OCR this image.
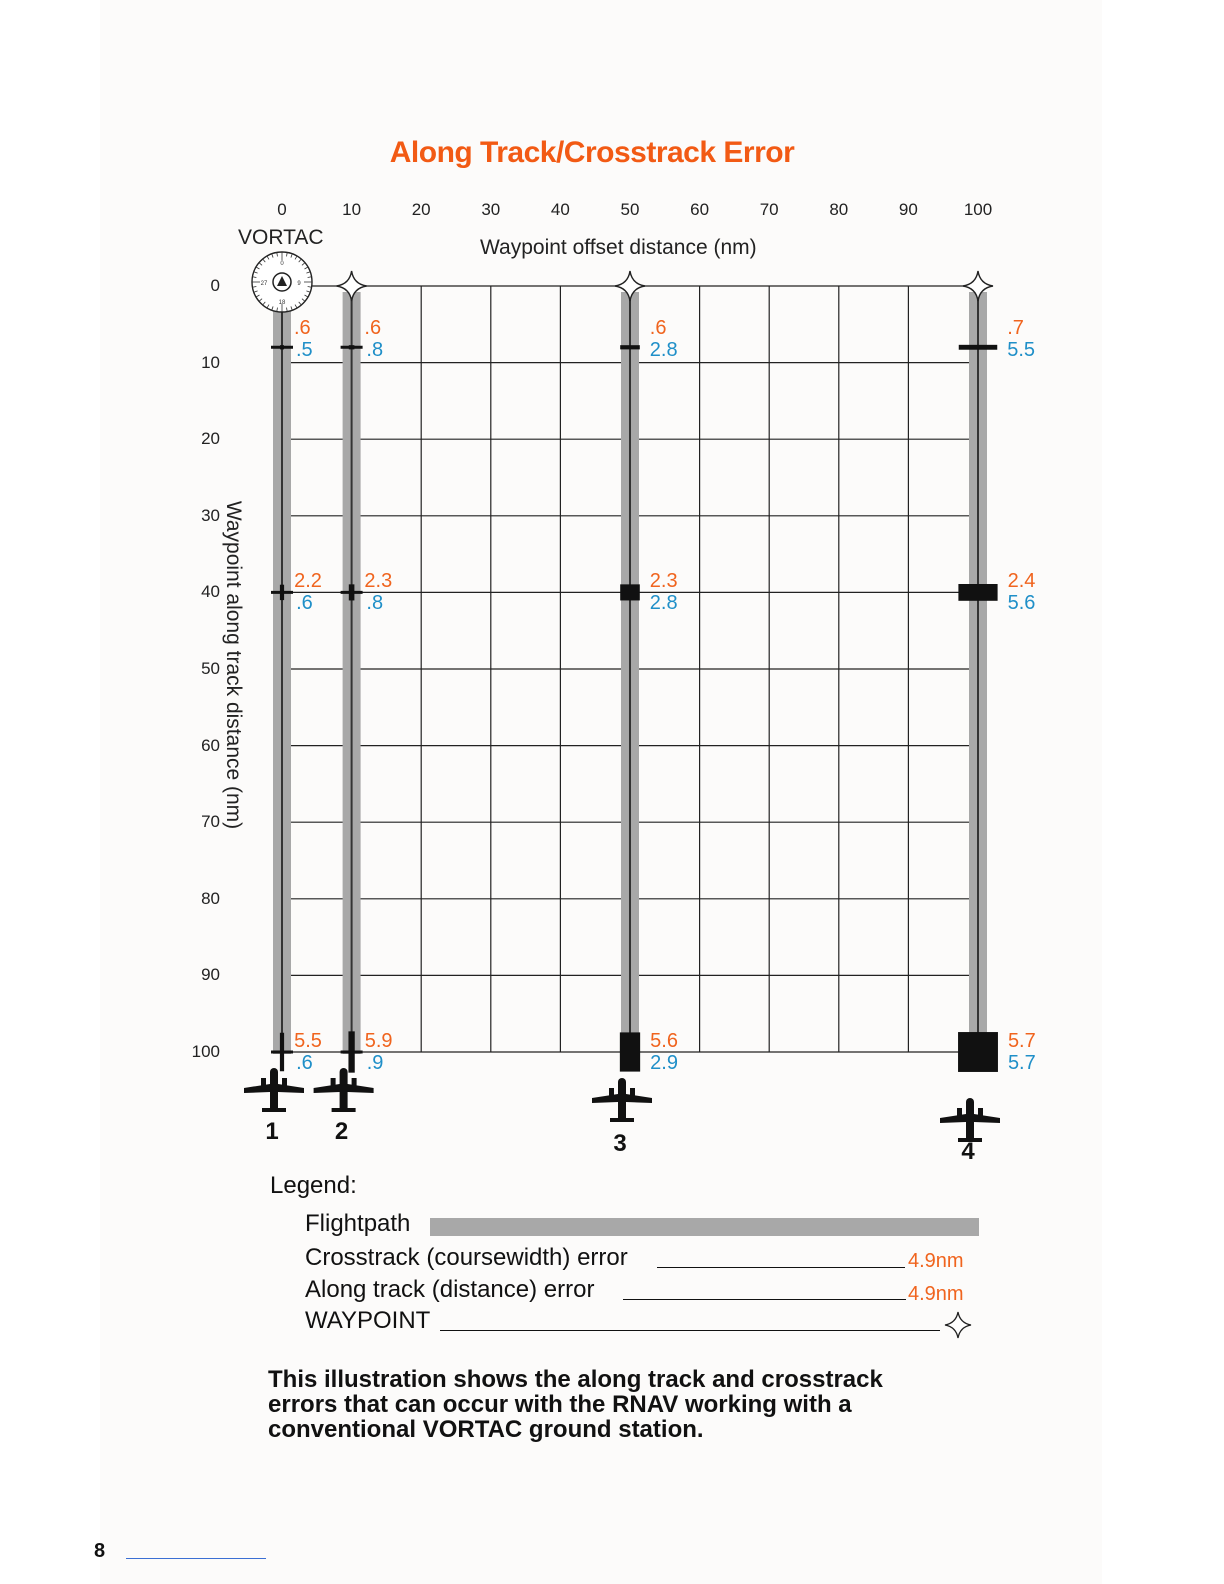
Along Track/Crosstrack Error
VORTAC	Waypoint offset distance (nm)
Waypoint along track distance (nm)
0	10	20	30	40	50	60	70	80	90	100
0
10
20
30
40
50
60
70
80
90
100
0
9
18
27
.6
.5
2.2
.6
5.5
.6
1
.6
.8
2.3
.8
5.9
.9
2
.6
2.8
2.3
2.8
5.6
2.9
3
.7
5.5
2.4
5.6
5.7
5.7
4
Legend:
Flightpath
Crosstrack (coursewidth) error	4.9nm
Along track (distance) error	4.9nm
WAYPOINT
This illustration shows the along track and crosstrack errors that can occur with the RNAV working with a conventional VORTAC ground station.
8
